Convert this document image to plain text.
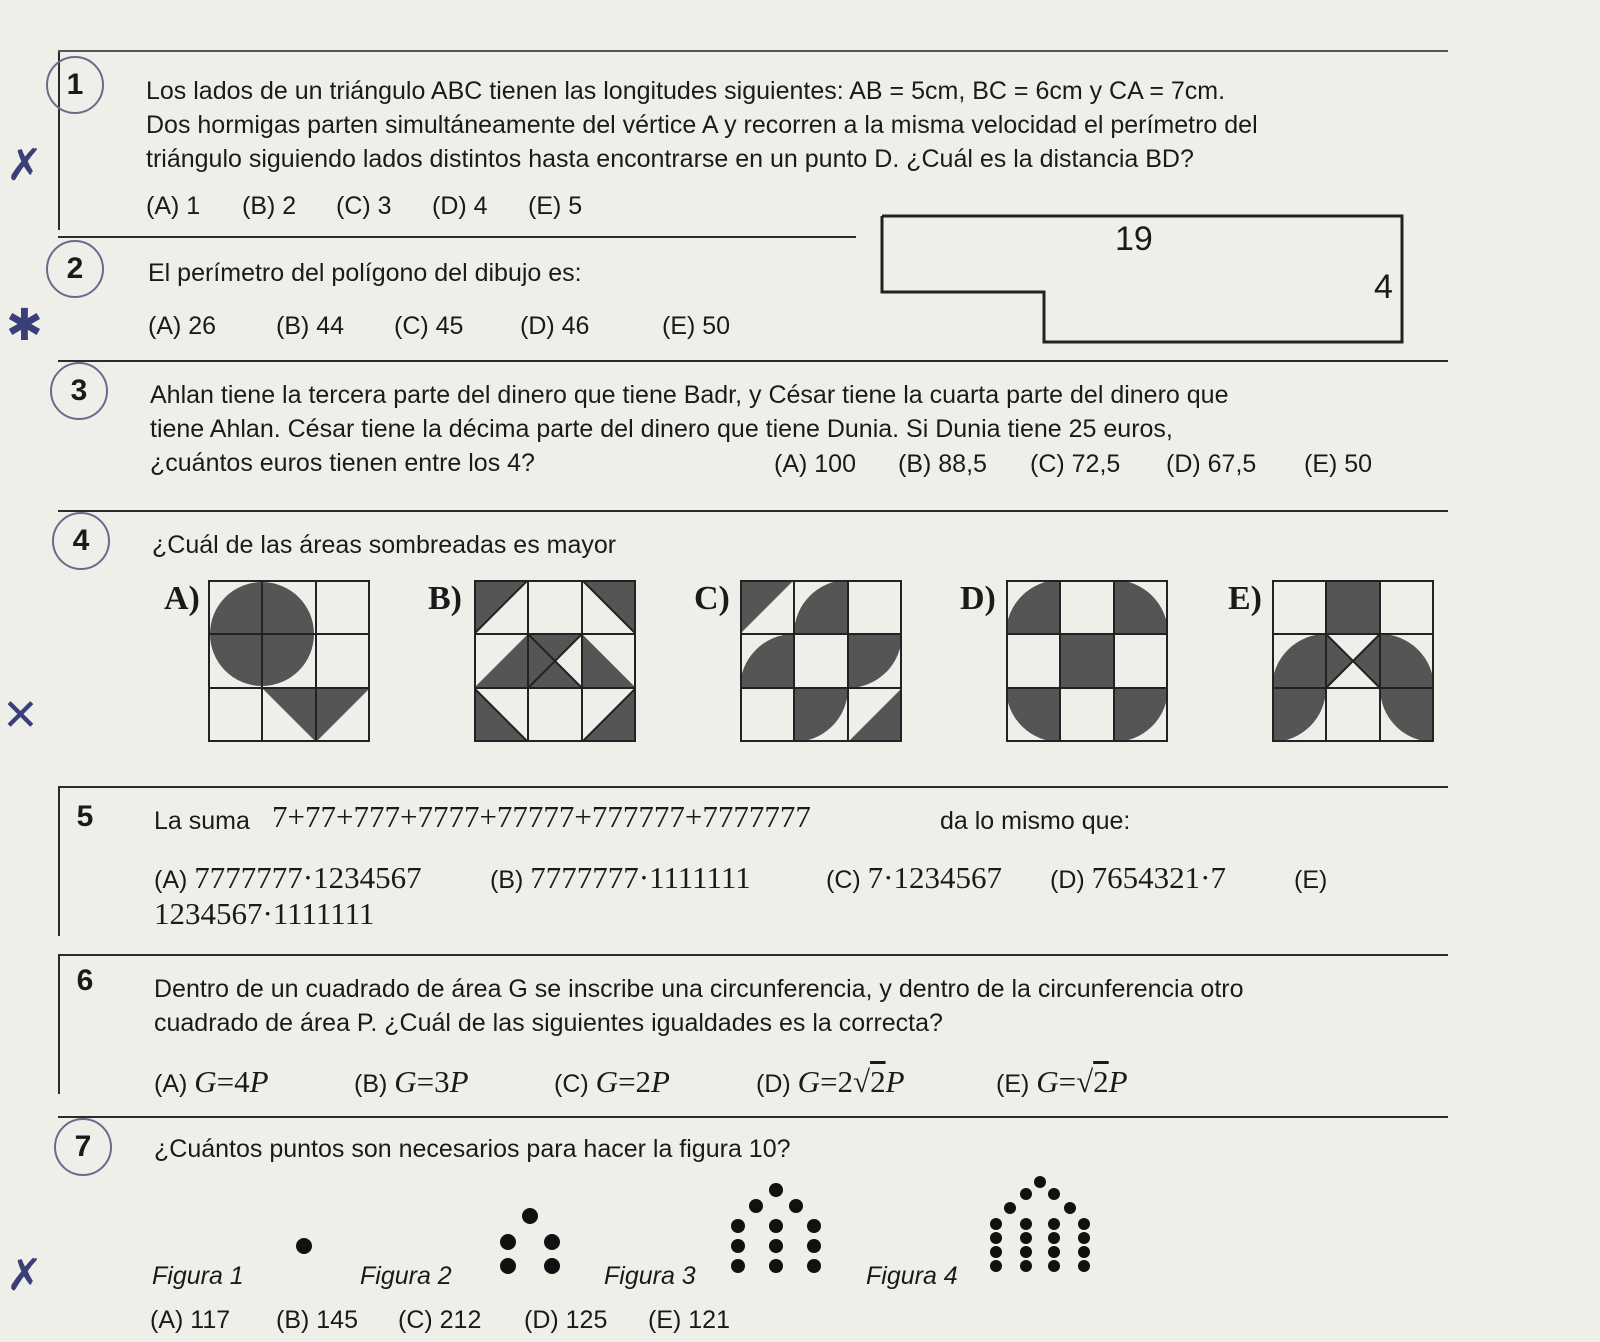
✗
✱
✕
✗
1	Los lados de un triángulo ABC tienen las longitudes siguientes: AB = 5cm, BC = 6cm y CA = 7cm.
Dos hormigas parten simultáneamente del vértice A y recorren a la misma velocidad el perímetro del
triángulo siguiendo lados distintos hasta encontrarse en un punto D. ¿Cuál es la distancia BD?
(A) 1 (B) 2 (C) 3 (D) 4 (E) 5
2	El perímetro del polígono del dibujo es:
(A) 26 (B) 44 (C) 45 (D) 46	(E) 50
19
4
3	Ahlan tiene la tercera parte del dinero que tiene Badr, y César tiene la cuarta parte del dinero que
tiene Ahlan. César tiene la décima parte del dinero que tiene Dunia. Si Dunia tiene 25 euros,
¿cuántos euros tienen entre los 4?	(A) 100 (B) 88,5 (C) 72,5 (D) 67,5 (E) 50
4	¿Cuál de las áreas sombreadas es mayor
A)	B)	C)	D)	E)
5	La suma 7+77+777+7777+77777+777777+7777777	da lo mismo que:
(A) 7777777·1234567	(B) 7777777·1111111	(C) 7·1234567 (D) 7654321·7	(E)
1234567·1111111
6	Dentro de un cuadrado de área G se inscribe una circunferencia, y dentro de la circunferencia otro
cuadrado de área P. ¿Cuál de las siguientes igualdades es la correcta?
(A) G=4P	(B) G=3P	(C) G=2P	(D) G=2√2P	(E) G=√2P
7	¿Cuántos puntos son necesarios para hacer la figura 10?
Figura 1	Figura 2	Figura 3	Figura 4
(A) 117 (B) 145 (C) 212 (D) 125 (E) 121
